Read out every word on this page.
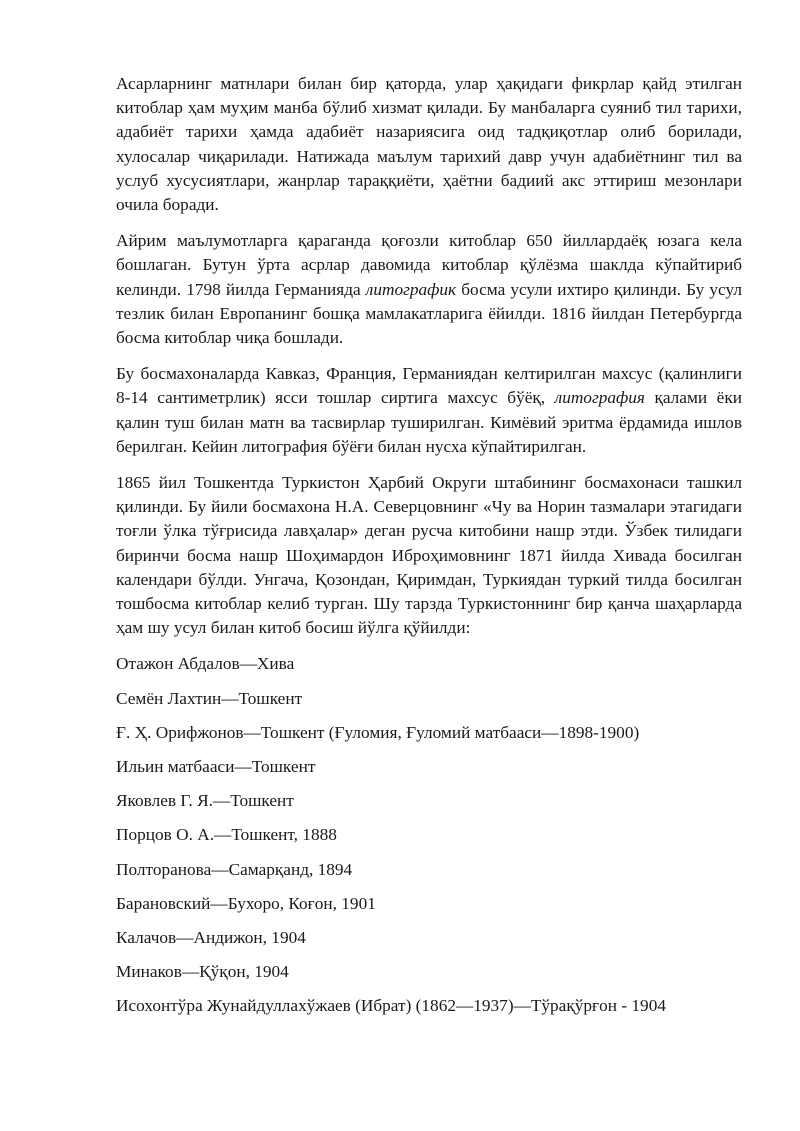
Асарларнинг матнлари билан бир қаторда, улар ҳақидаги фикрлар қайд этилган китоблар ҳам муҳим манба бўлиб хизмат қилади. Бу манбаларга суяниб тил тарихи, адабиёт тарихи ҳамда адабиёт назариясига оид тадқиқотлар олиб борилади, хулосалар чиқарилади. Натижада маълум тарихий давр учун адабиётнинг тил ва услуб хусусиятлари, жанрлар тараққиёти, ҳаётни бадиий акс эттириш мезонлари очила боради.

Айрим маълумотларга қараганда қоғозли китоблар 650 йиллардаёқ юзага кела бошлаган. Бутун ўрта асрлар давомида китоблар қўлёзма шаклда кўпайтириб келинди. 1798 йилда Германияда литографик босма усули ихтиро қилинди. Бу усул тезлик билан Европанинг бошқа мамлакатларига ёйилди. 1816 йилдан Петербургда босма китоблар чиқа бошлади.

Бу босмахоналарда Кавказ, Франция, Германиядан келтирилган махсус (қалинлиги 8-14 сантиметрлик) ясси тошлар сиртига махсус бўёқ, литография қалами ёки қалин туш билан матн ва тасвирлар туширилган. Кимёвий эритма ёрдамида ишлов берилган. Кейин литография бўёғи билан нусха кўпайтирилган.

1865 йил Тошкентда Туркистон Ҳарбий Округи штабининг босмахонаси ташкил қилинди. Бу йили босмахона Н.А. Северцовнинг «Чу ва Норин тазмалари этагидаги тоғли ўлка тўғрисида лавҳалар» деган русча китобини нашр этди. Ўзбек тилидаги биринчи босма нашр Шоҳимардон Иброҳимовнинг 1871 йилда Хивада босилган календари бўлди. Унгача, Қозондан, Қиримдан, Туркиядан туркий тилда босилган тошбосма китоблар келиб турган. Шу тарзда Туркистоннинг бир қанча шаҳарларда ҳам шу усул билан китоб босиш йўлга қўйилди:

Отажон Абдалов—Хива
Семён Лахтин—Тошкент
Ғ. Ҳ. Орифжонов—Тошкент (Ғуломия, Ғуломий матбааси—1898-1900)
Ильин матбааси—Тошкент
Яковлев Г. Я.—Тошкент
Порцов О. А.—Тошкент, 1888
Полторанова—Самарқанд, 1894
Барановский—Бухоро, Коғон, 1901
Калачов—Андижон, 1904
Минаков—Қўқон, 1904
Исохонтўра Жунайдуллахўжаев (Ибрат) (1862—1937)—Тўрақўрғон - 1904
